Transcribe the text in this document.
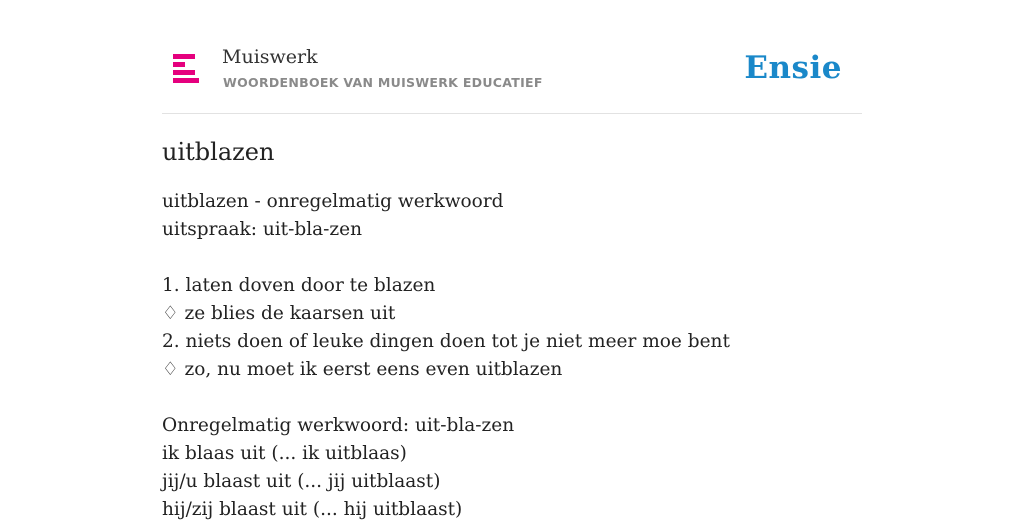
Muiswerk
WOORDENBOEK VAN MUISWERK EDUCATIEF	Ensie
uitblazen
uitblazen - onregelmatig werkwoord
uitspraak: uit-bla-zen
1. laten doven door te blazen
♢ ze blies de kaarsen uit
2. niets doen of leuke dingen doen tot je niet meer moe bent
♢ zo, nu moet ik eerst eens even uitblazen
Onregelmatig werkwoord: uit-bla-zen
ik blaas uit (... ik uitblaas)
jij/u blaast uit (... jij uitblaast)
hij/zij blaast uit (... hij uitblaast)
